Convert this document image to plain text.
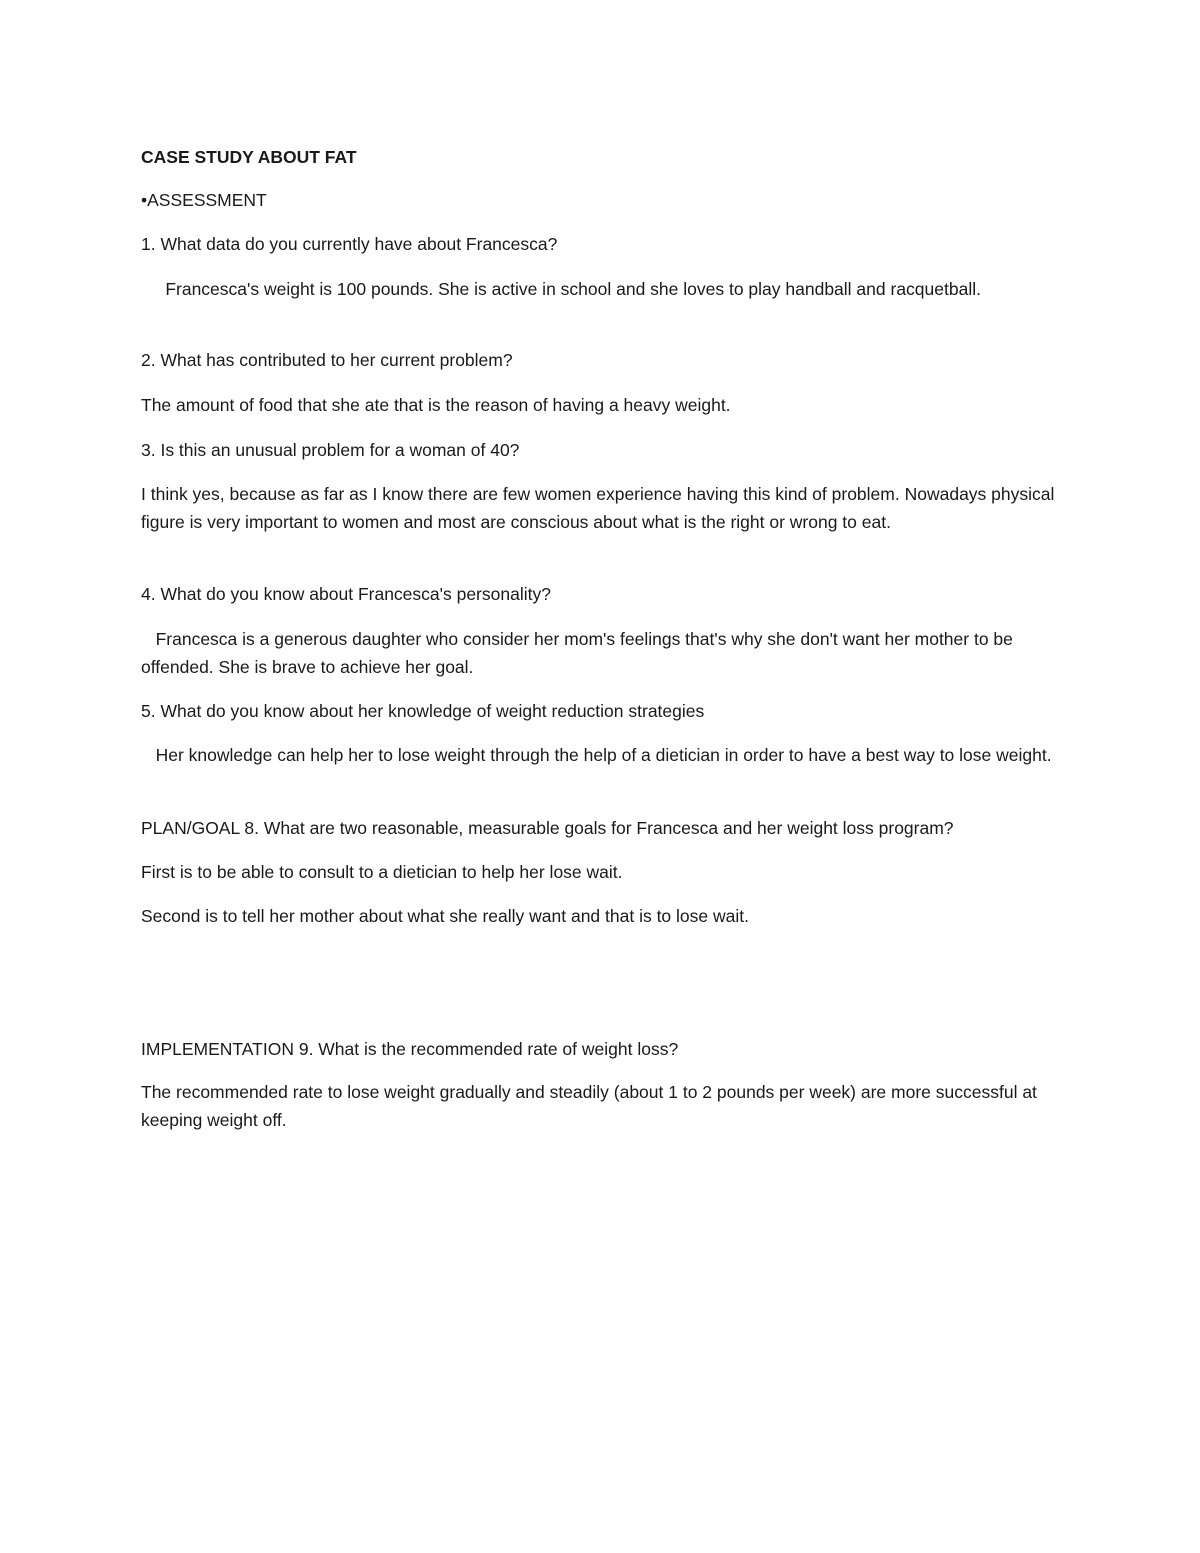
CASE STUDY ABOUT FAT

•ASSESSMENT

1. What data do you currently have about Francesca?

Francesca's weight is 100 pounds. She is active in school and she loves to play handball and racquetball.

2. What has contributed to her current problem?

The amount of food that she ate that is the reason of having a heavy weight.

3. Is this an unusual problem for a woman of 40?

I think yes, because as far as I know there are few women experience having this kind of problem. Nowadays physical figure is very important to women and most are conscious about what is the right or wrong to eat.

4. What do you know about Francesca's personality?

Francesca is a generous daughter who consider her mom's feelings that's why she don't want her mother to be offended. She is brave to achieve her goal.

5. What do you know about her knowledge of weight reduction strategies

Her knowledge can help her to lose weight through the help of a dietician in order to have a best way to lose weight.

PLAN/GOAL 8. What are two reasonable, measurable goals for Francesca and her weight loss program?

First is to be able to consult to a dietician to help her lose wait.

Second is to tell her mother about what she really want and that is to lose wait.

IMPLEMENTATION 9. What is the recommended rate of weight loss?

The recommended rate to lose weight gradually and steadily (about 1 to 2 pounds per week) are more successful at keeping weight off.
